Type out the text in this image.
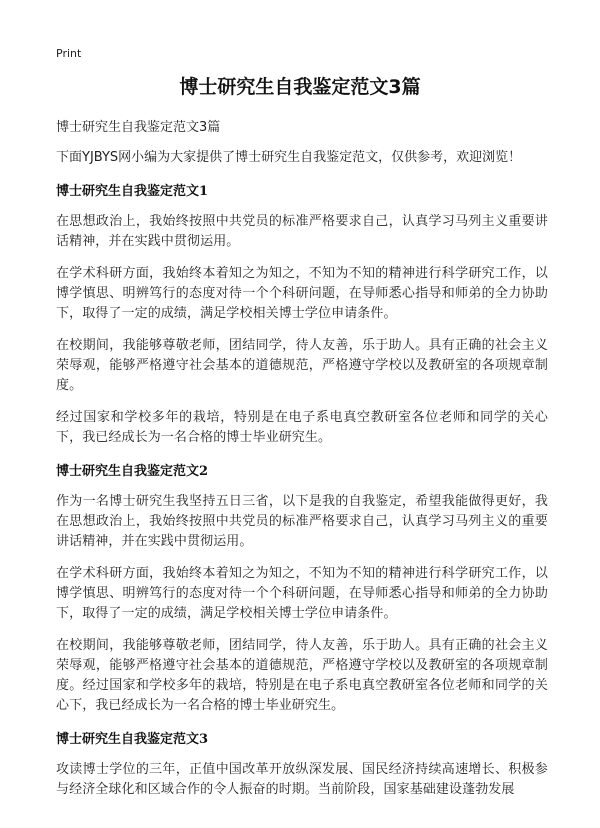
Print
博士研究生自我鉴定范文3篇

博士研究生自我鉴定范文3篇

下面YJBYS网小编为大家提供了博士研究生自我鉴定范文，仅供参考，欢迎浏览！

博士研究生自我鉴定范文1

在思想政治上，我始终按照中共党员的标准严格要求自己，认真学习马列主义重要讲话精神，并在实践中贯彻运用。

在学术科研方面，我始终本着知之为知之，不知为不知的精神进行科学研究工作，以博学慎思、明辨笃行的态度对待一个个科研问题，在导师悉心指导和师弟的全力协助下，取得了一定的成绩，满足学校相关博士学位申请条件。

在校期间，我能够尊敬老师，团结同学，待人友善，乐于助人。具有正确的社会主义荣辱观，能够严格遵守社会基本的道德规范，严格遵守学校以及教研室的各项规章制度。

经过国家和学校多年的栽培，特别是在电子系电真空教研室各位老师和同学的关心下，我已经成长为一名合格的博士毕业研究生。

博士研究生自我鉴定范文2

作为一名博士研究生我坚持五日三省，以下是我的自我鉴定，希望我能做得更好，我在思想政治上，我始终按照中共党员的标准严格要求自己，认真学习马列主义的重要讲话精神，并在实践中贯彻运用。

在学术科研方面，我始终本着知之为知之，不知为不知的精神进行科学研究工作，以博学慎思、明辨笃行的态度对待一个个科研问题，在导师悉心指导和师弟的全力协助下，取得了一定的成绩，满足学校相关博士学位申请条件。

在校期间，我能够尊敬老师，团结同学，待人友善，乐于助人。具有正确的社会主义荣辱观，能够严格遵守社会基本的道德规范，严格遵守学校以及教研室的各项规章制度。经过国家和学校多年的栽培，特别是在电子系电真空教研室各位老师和同学的关心下，我已经成长为一名合格的博士毕业研究生。

博士研究生自我鉴定范文3

攻读博士学位的三年，正值中国改革开放纵深发展、国民经济持续高速增长、积极参与经济全球化和区域合作的令人振奋的时期。当前阶段，国家基础建设蓬勃发展
